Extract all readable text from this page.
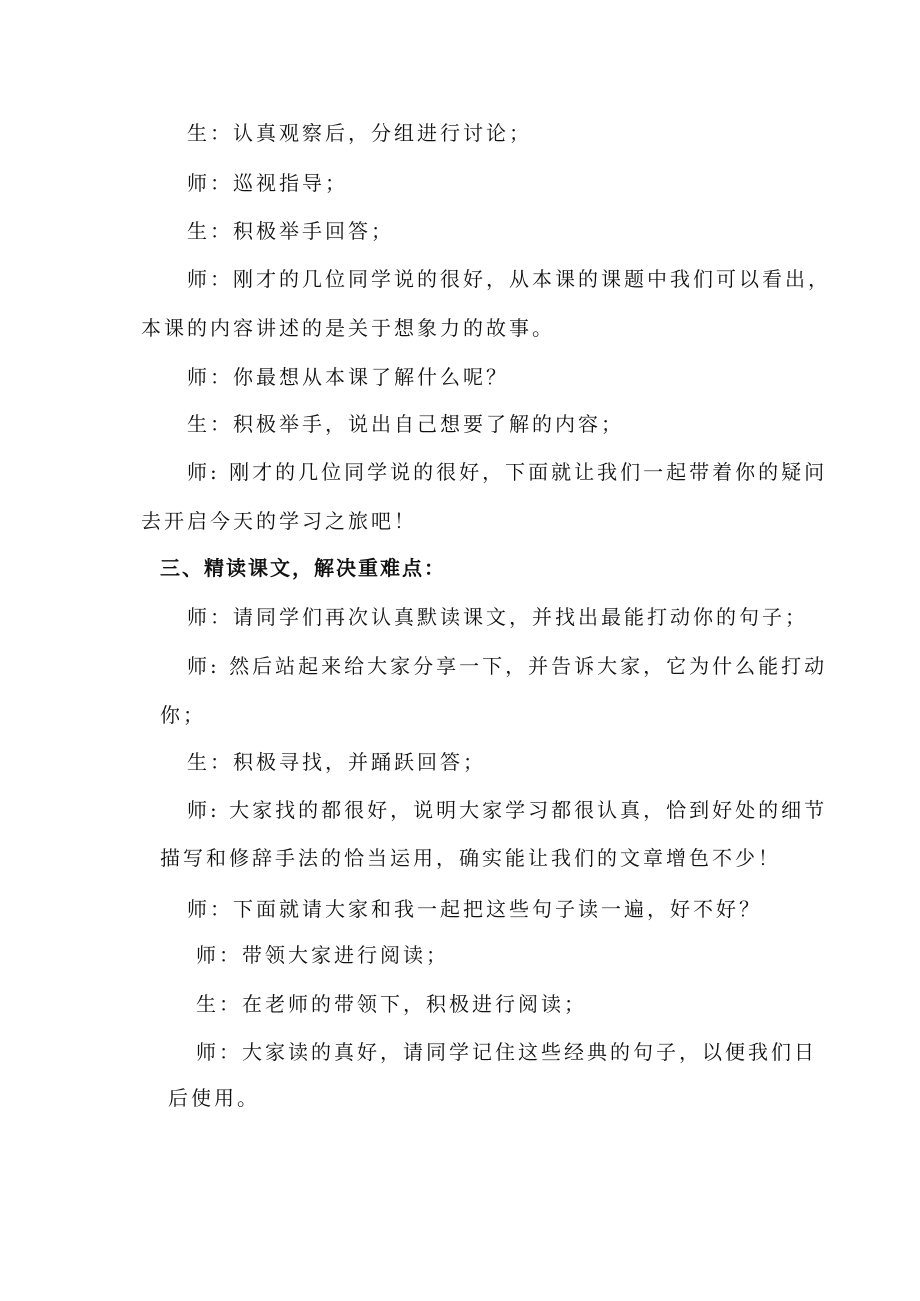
生：认真观察后，分组进行讨论；
师：巡视指导；
生：积极举手回答；
师：刚才的几位同学说的很好，从本课的课题中我们可以看出，
本课的内容讲述的是关于想象力的故事。
师：你最想从本课了解什么呢？
生：积极举手，说出自己想要了解的内容；
师: 刚才的几位同学说的很好，下面就让我们一起带着你的疑问
去开启今天的学习之旅吧！
三、精读课文，解决重难点：
师：请同学们再次认真默读课文，并找出最能打动你的句子；
师: 然后站起来给大家分享一下，并告诉大家，它为什么能打动
你；
生：积极寻找，并踊跃回答；
师: 大家找的都很好，说明大家学习都很认真，恰到好处的细节
描写和修辞手法的恰当运用，确实能让我们的文章增色不少！
师：下面就请大家和我一起把这些句子读一遍，好不好？
师：带领大家进行阅读；
生：在老师的带领下，积极进行阅读；
师：大家读的真好，请同学记住这些经典的句子，以便我们日
后使用。
